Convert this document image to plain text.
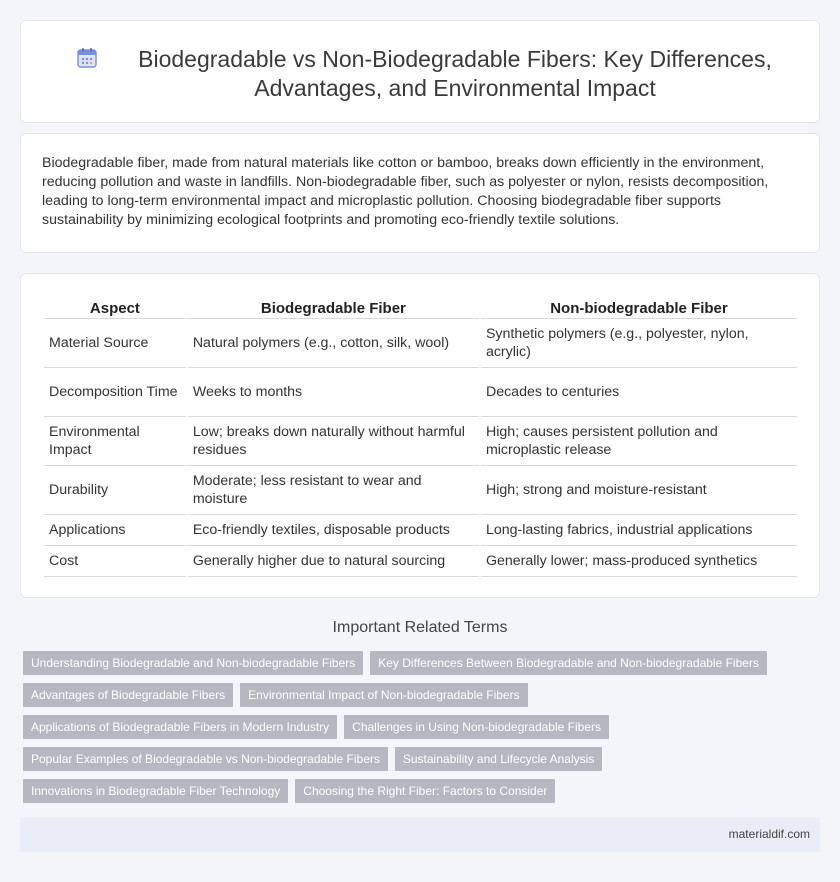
Biodegradable vs Non-Biodegradable Fibers: Key Differences, Advantages, and Environmental Impact

Biodegradable fiber, made from natural materials like cotton or bamboo, breaks down efficiently in the environment, reducing pollution and waste in landfills. Non-biodegradable fiber, such as polyester or nylon, resists decomposition, leading to long-term environmental impact and microplastic pollution. Choosing biodegradable fiber supports sustainability by minimizing ecological footprints and promoting eco-friendly textile solutions.

Aspect	Biodegradable Fiber	Non-biodegradable Fiber
Material Source	Natural polymers (e.g., cotton, silk, wool)	Synthetic polymers (e.g., polyester, nylon, acrylic)
Decomposition Time	Weeks to months	Decades to centuries
Environmental Impact	Low; breaks down naturally without harmful residues	High; causes persistent pollution and microplastic release
Durability	Moderate; less resistant to wear and moisture	High; strong and moisture-resistant
Applications	Eco-friendly textiles, disposable products	Long-lasting fabrics, industrial applications
Cost	Generally higher due to natural sourcing	Generally lower; mass-produced synthetics
Important Related Terms
Understanding Biodegradable and Non-biodegradable Fibers	Key Differences Between Biodegradable and Non-biodegradable Fibers
Advantages of Biodegradable Fibers	Environmental Impact of Non-biodegradable Fibers
Applications of Biodegradable Fibers in Modern Industry	Challenges in Using Non-biodegradable Fibers
Popular Examples of Biodegradable vs Non-biodegradable Fibers	Sustainability and Lifecycle Analysis
Innovations in Biodegradable Fiber Technology	Choosing the Right Fiber: Factors to Consider
materialdif.com
